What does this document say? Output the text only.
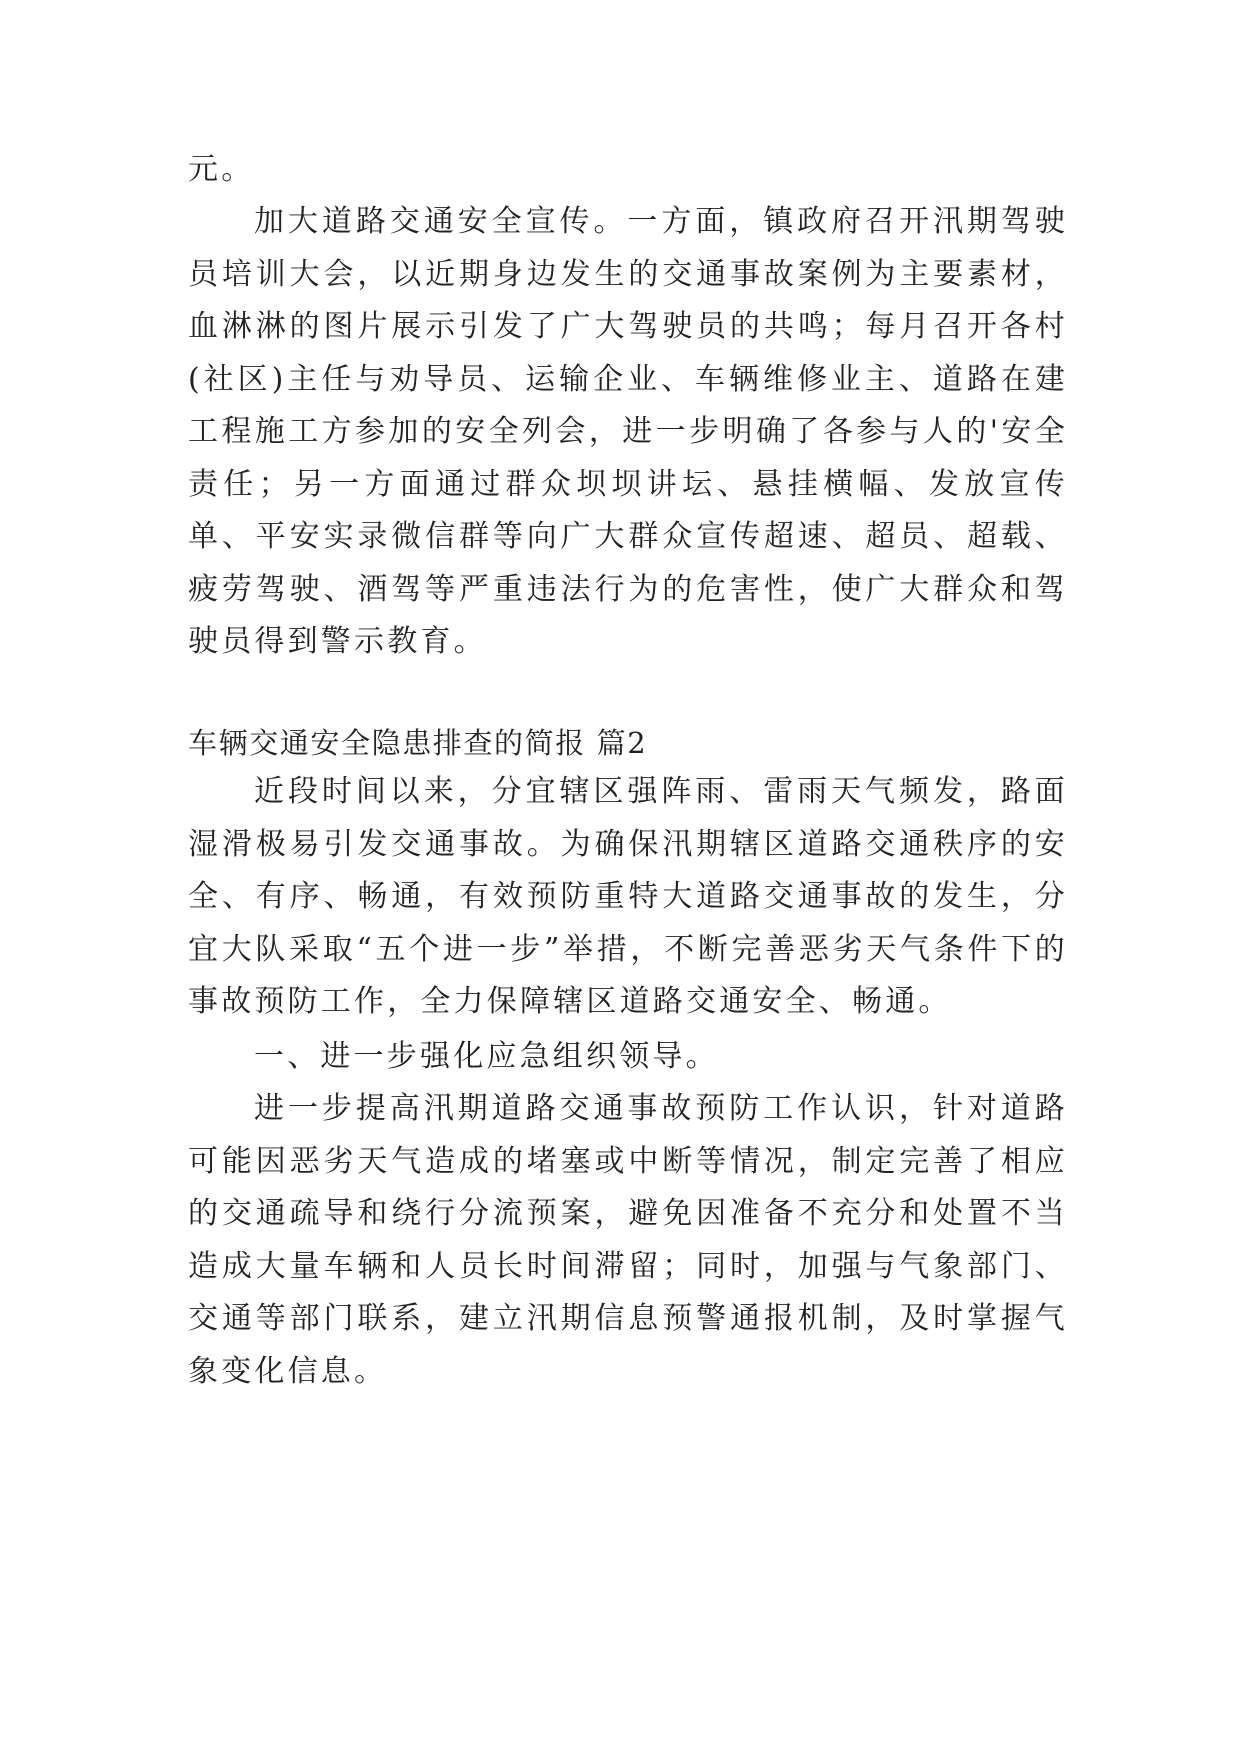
元。

加大道路交通安全宣传。一方面，镇政府召开汛期驾驶员培训大会，以近期身边发生的交通事故案例为主要素材，血淋淋的图片展示引发了广大驾驶员的共鸣；每月召开各村(社区)主任与劝导员、运输企业、车辆维修业主、道路在建工程施工方参加的安全列会，进一步明确了各参与人的'安全责任；另一方面通过群众坝坝讲坛、悬挂横幅、发放宣传单、平安实录微信群等向广大群众宣传超速、超员、超载、疲劳驾驶、酒驾等严重违法行为的危害性，使广大群众和驾驶员得到警示教育。

车辆交通安全隐患排查的简报 篇2

近段时间以来，分宜辖区强阵雨、雷雨天气频发，路面湿滑极易引发交通事故。为确保汛期辖区道路交通秩序的安全、有序、畅通，有效预防重特大道路交通事故的发生，分宜大队采取“五个进一步”举措，不断完善恶劣天气条件下的事故预防工作，全力保障辖区道路交通安全、畅通。

一、进一步强化应急组织领导。

进一步提高汛期道路交通事故预防工作认识，针对道路可能因恶劣天气造成的堵塞或中断等情况，制定完善了相应的交通疏导和绕行分流预案，避免因准备不充分和处置不当造成大量车辆和人员长时间滞留；同时，加强与气象部门、交通等部门联系，建立汛期信息预警通报机制，及时掌握气象变化信息。
